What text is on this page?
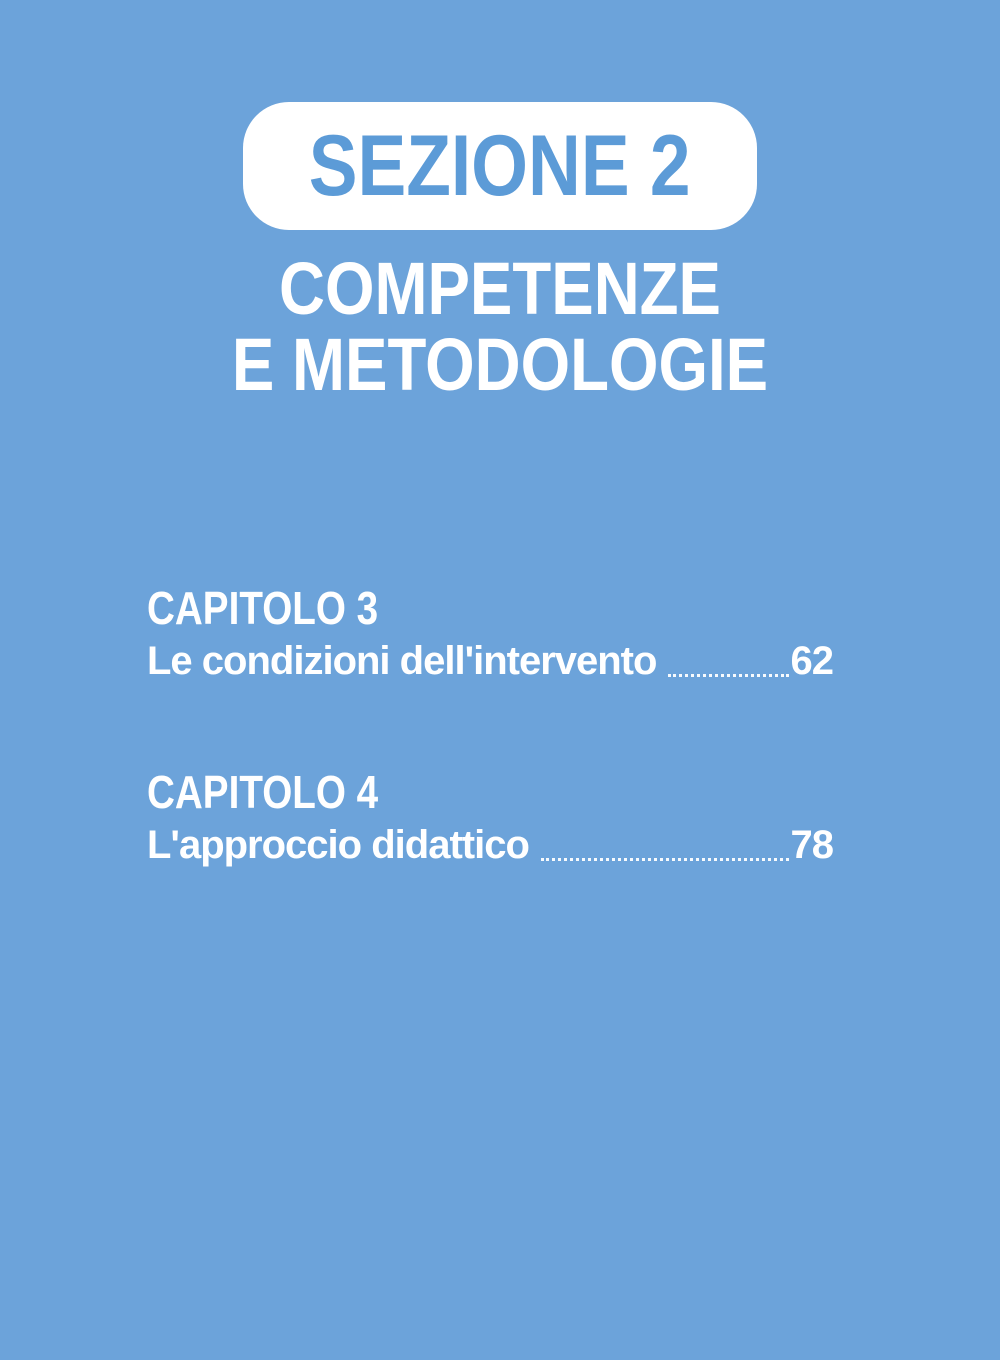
SEZIONE 2
COMPETENZE
E METODOLOGIE
CAPITOLO 3
Le condizioni dell'intervento	62
CAPITOLO 4
L'approccio didattico	78
